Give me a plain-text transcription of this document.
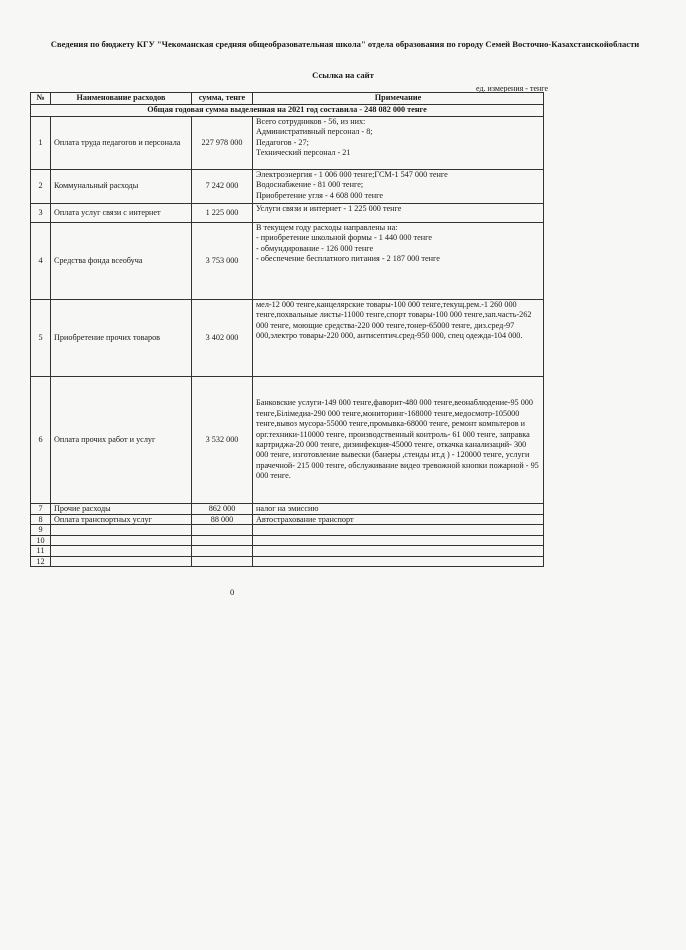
Сведения по бюджету КГУ "Чекоманская средняя общеобразовательная школа" отдела образования по городу Семей Восточно-Казахстанскойобласти
Ссылка на сайт
ед. измерения - тенге
№	Наименование расходов	сумма, тенге	Примечание
Общая годовая сумма выделенная на 2021 год составила - 248 082 000 тенге			
1	Оплата труда педагогов и персонала	227 978 000	Всего сотрудников - 56, из них:
Административный персонал - 8;
Педагогов - 27;
Технический персонал - 21

2	Коммунальный расходы	7 242 000	Электроэнергия - 1 006 000 тенге;ГСМ-1 547 000 тенге
Водоснабжение - 81 000 тенге;
Приобретение угля - 4 608 000 тенге

3	Оплата услуг связи с интернет	1 225 000	Услуги связи и интернет - 1 225 000 тенге

4	Средства фонда всеобуча	3 753 000	В текущем году расходы направлены на:
- приобретение школьной формы - 1 440 000 тенге
- обмундирование - 126 000 тенге
- обеспечение бесплатного питания - 2 187 000 тенге

5	Приобретение прочих товаров	3 402 000	мел-12 000 тенге,канцелярские товары-100 000 тенге,текущ.рем.-1 260 000 тенге,похвальные листы-11000 тенге,спорт товары-100 000 тенге,зап.часть-262 000 тенге, моющие средства-220 000 тенге,тонер-65000 тенге, диз.сред-97 000,электро товары-220 000, антисептич.сред-950 000, спец одежда-104 000.

6	Оплата прочих работ и услуг	3 532 000	Банковские услуги-149 000 тенге,фаворит-480 000 тенге,веонаблюдение-95 000 тенге,Білімедиа-290 000 тенге,мониторинг-168000 тенге,медосмотр-105000 тенге,вывоз мусора-55000 тенге,промывка-68000 тенге, ремонт компьтеров и орг.техники-110000 тенге, производственный контроль- 61 000 тенге, заправка картриджа-20 000 тенге, дизинфекция-45000 тенге, откачка канализаций- 300 000 тенге, изготовление вывески (банеры ,стенды ит.д ) - 120000 тенге, услуги прачечной- 215 000 тенге, обслуживание видео тревожной кнопки пожарной - 95 000 тенге.

7	Прочие расходы	862 000	налог на эмиссию

8	Оплата транспортных услуг	88 000	Автострахование транспорт

9			
10			
11			
12			
0
